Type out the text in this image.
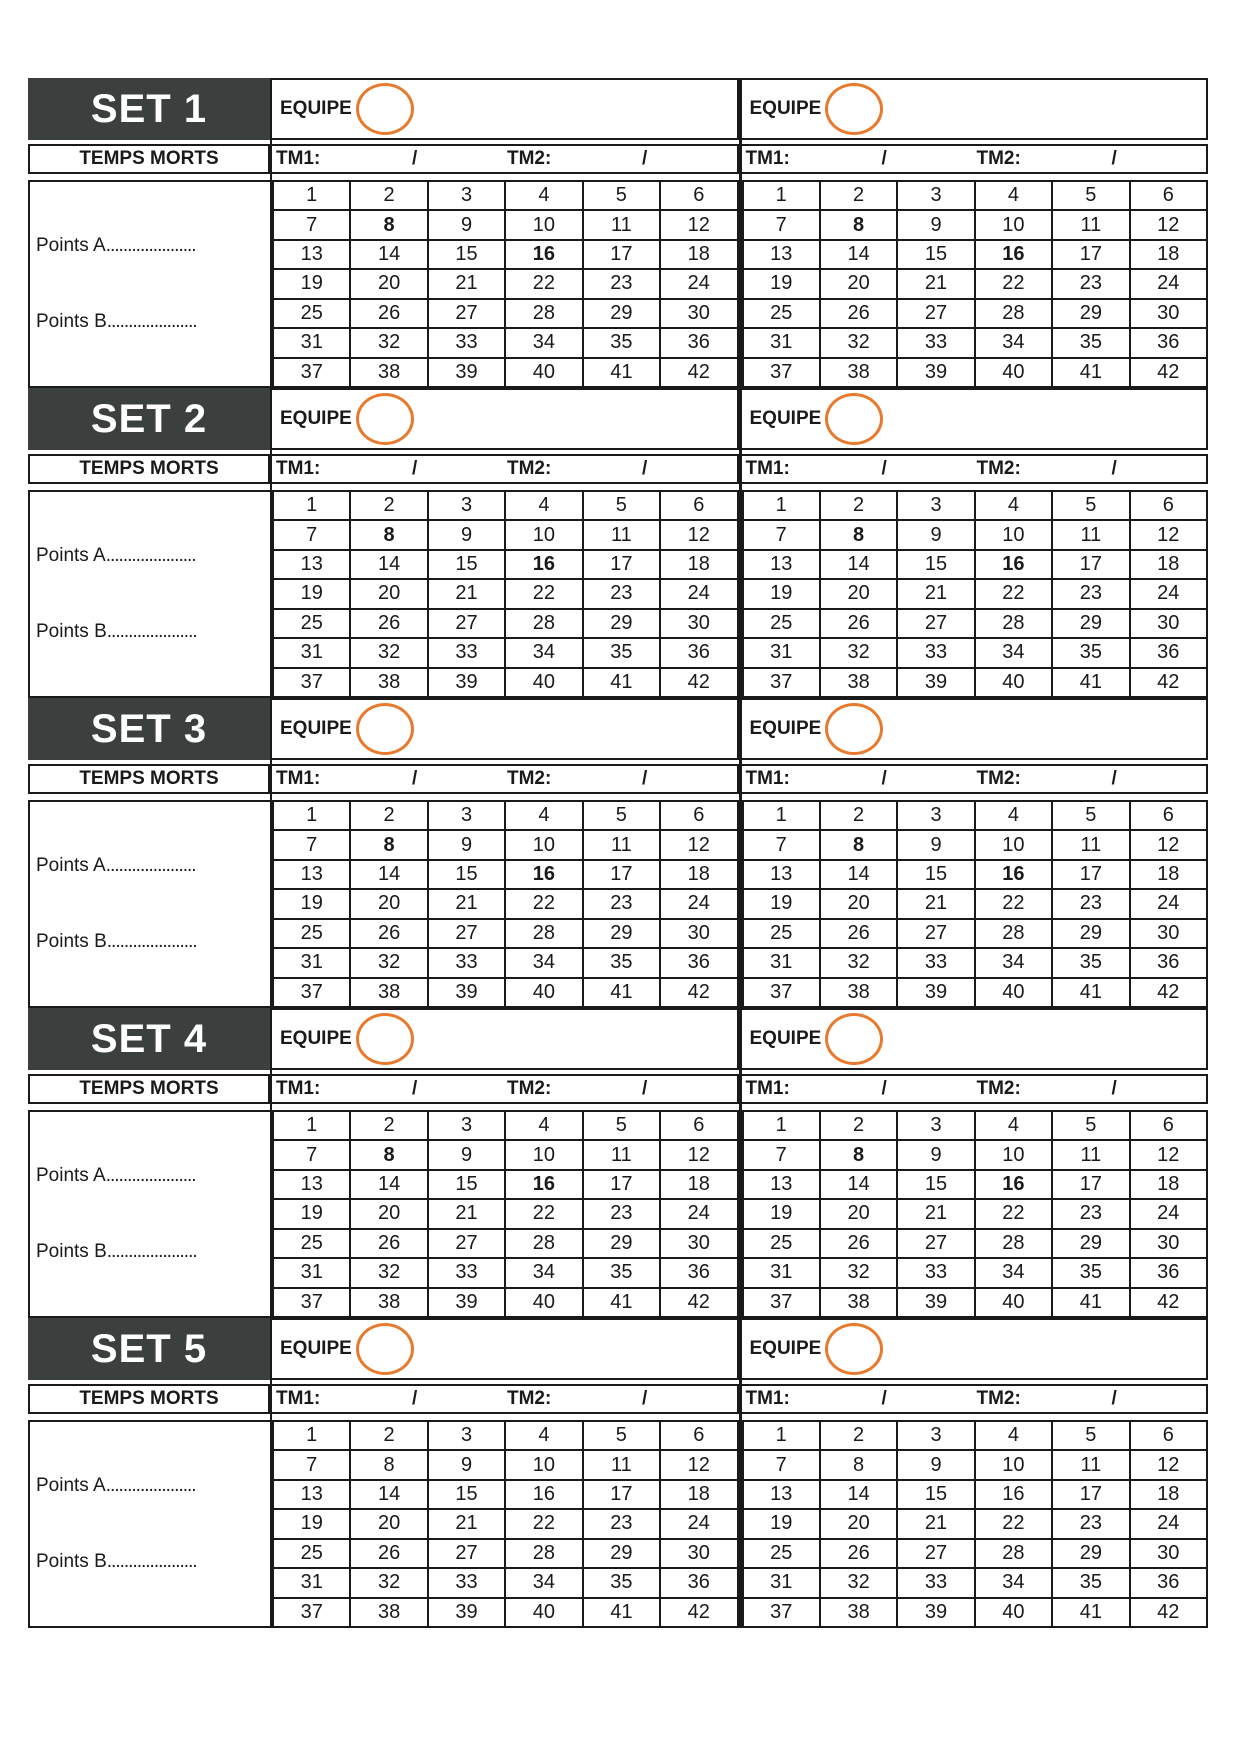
SET 1
TEMPS MORTS
Points A.....................
Points B.....................
EQUIPE
TM1:	/	TM2:	/
1	2	3	4	5	6
7	8	9	10	11	12
13	14	15	16	17	18
19	20	21	22	23	24
25	26	27	28	29	30
31	32	33	34	35	36
37	38	39	40	41	42
EQUIPE
TM1:	/	TM2:	/
1	2	3	4	5	6
7	8	9	10	11	12
13	14	15	16	17	18
19	20	21	22	23	24
25	26	27	28	29	30
31	32	33	34	35	36
37	38	39	40	41	42
SET 2
TEMPS MORTS
Points A.....................
Points B.....................
EQUIPE
TM1:	/	TM2:	/
1	2	3	4	5	6
7	8	9	10	11	12
13	14	15	16	17	18
19	20	21	22	23	24
25	26	27	28	29	30
31	32	33	34	35	36
37	38	39	40	41	42
EQUIPE
TM1:	/	TM2:	/
1	2	3	4	5	6
7	8	9	10	11	12
13	14	15	16	17	18
19	20	21	22	23	24
25	26	27	28	29	30
31	32	33	34	35	36
37	38	39	40	41	42
SET 3
TEMPS MORTS
Points A.....................
Points B.....................
EQUIPE
TM1:	/	TM2:	/
1	2	3	4	5	6
7	8	9	10	11	12
13	14	15	16	17	18
19	20	21	22	23	24
25	26	27	28	29	30
31	32	33	34	35	36
37	38	39	40	41	42
EQUIPE
TM1:	/	TM2:	/
1	2	3	4	5	6
7	8	9	10	11	12
13	14	15	16	17	18
19	20	21	22	23	24
25	26	27	28	29	30
31	32	33	34	35	36
37	38	39	40	41	42
SET 4
TEMPS MORTS
Points A.....................
Points B.....................
EQUIPE
TM1:	/	TM2:	/
1	2	3	4	5	6
7	8	9	10	11	12
13	14	15	16	17	18
19	20	21	22	23	24
25	26	27	28	29	30
31	32	33	34	35	36
37	38	39	40	41	42
EQUIPE
TM1:	/	TM2:	/
1	2	3	4	5	6
7	8	9	10	11	12
13	14	15	16	17	18
19	20	21	22	23	24
25	26	27	28	29	30
31	32	33	34	35	36
37	38	39	40	41	42
SET 5
TEMPS MORTS
Points A.....................
Points B.....................
EQUIPE
TM1:	/	TM2:	/
1	2	3	4	5	6
7	8	9	10	11	12
13	14	15	16	17	18
19	20	21	22	23	24
25	26	27	28	29	30
31	32	33	34	35	36
37	38	39	40	41	42
EQUIPE
TM1:	/	TM2:	/
1	2	3	4	5	6
7	8	9	10	11	12
13	14	15	16	17	18
19	20	21	22	23	24
25	26	27	28	29	30
31	32	33	34	35	36
37	38	39	40	41	42
